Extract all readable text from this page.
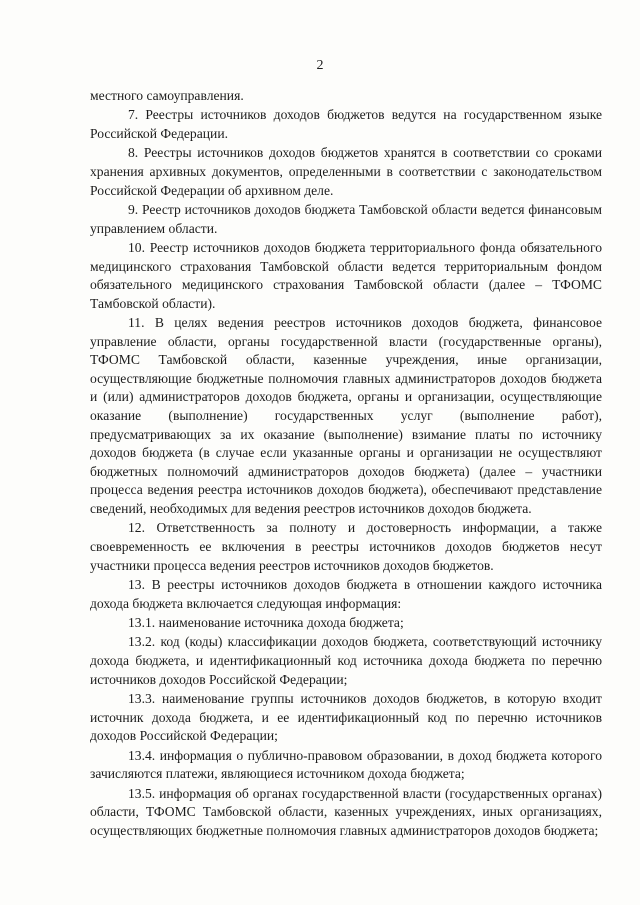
2

местного самоуправления.

7. Реестры источников доходов бюджетов ведутся на государственном языке Российской Федерации.

8. Реестры источников доходов бюджетов хранятся в соответствии со сроками хранения архивных документов, определенными в соответствии с законодательством Российской Федерации об архивном деле.

9. Реестр источников доходов бюджета Тамбовской области ведется финансовым управлением области.

10. Реестр источников доходов бюджета территориального фонда обязательного медицинского страхования Тамбовской области ведется территориальным фондом обязательного медицинского страхования Тамбовской области (далее – ТФОМС Тамбовской области).

11. В целях ведения реестров источников доходов бюджета, финансовое управление области, органы государственной власти (государственные органы), ТФОМС Тамбовской области, казенные учреждения, иные организации, осуществляющие бюджетные полномочия главных администраторов доходов бюджета и (или) администраторов доходов бюджета, органы и организации, осуществляющие оказание (выполнение) государственных услуг (выполнение работ), предусматривающих за их оказание (выполнение) взимание платы по источнику доходов бюджета (в случае если указанные органы и организации не осуществляют бюджетных полномочий администраторов доходов бюджета) (далее – участники процесса ведения реестра источников доходов бюджета), обеспечивают представление сведений, необходимых для ведения реестров источников доходов бюджета.

12. Ответственность за полноту и достоверность информации, а также своевременность ее включения в реестры источников доходов бюджетов несут участники процесса ведения реестров источников доходов бюджетов.

13. В реестры источников доходов бюджета в отношении каждого источника дохода бюджета включается следующая информация:

13.1. наименование источника дохода бюджета;

13.2. код (коды) классификации доходов бюджета, соответствующий источнику дохода бюджета, и идентификационный код источника дохода бюджета по перечню источников доходов Российской Федерации;

13.3. наименование группы источников доходов бюджетов, в которую входит источник дохода бюджета, и ее идентификационный код по перечню источников доходов Российской Федерации;

13.4. информация о публично-правовом образовании, в доход бюджета которого зачисляются платежи, являющиеся источником дохода бюджета;

13.5. информация об органах государственной власти (государственных органах) области, ТФОМС Тамбовской области, казенных учреждениях, иных организациях, осуществляющих бюджетные полномочия главных администраторов доходов бюджета;
